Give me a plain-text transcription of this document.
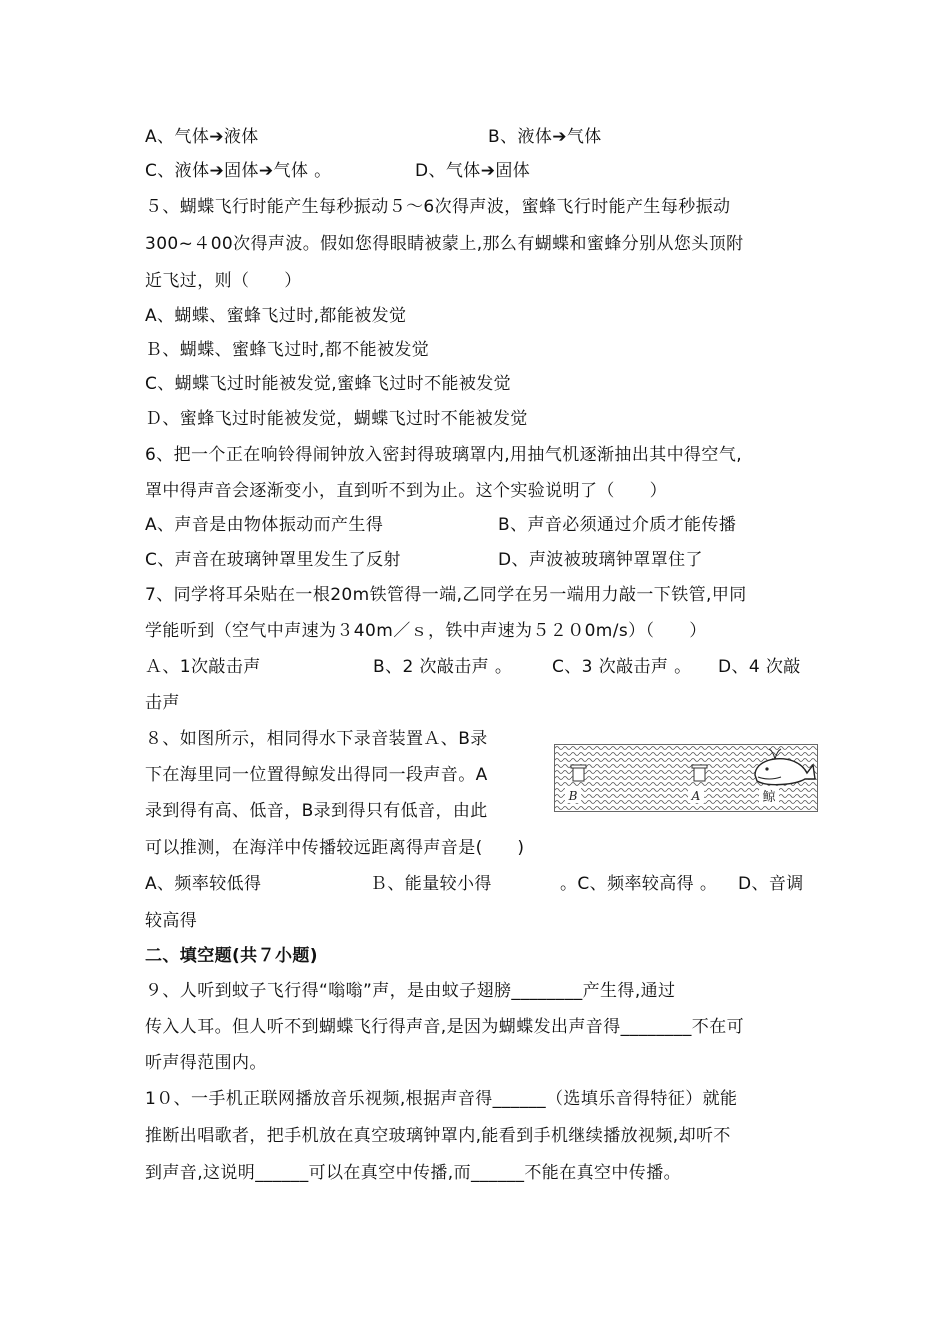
A、气体➔液体	B、液体➔气体
C、液体➔固体➔气体 。	D、气体➔固体
５、蝴蝶飞行时能产生每秒振动５～6次得声波，蜜蜂飞行时能产生每秒振动
300~４00次得声波。假如您得眼睛被蒙上,那么有蝴蝶和蜜蜂分别从您头顶附
近飞过，则（　　）
A、蝴蝶、蜜蜂飞过时,都能被发觉
Ｂ、蝴蝶、蜜蜂飞过时,都不能被发觉
C、蝴蝶飞过时能被发觉,蜜蜂飞过时不能被发觉
Ｄ、蜜蜂飞过时能被发觉，蝴蝶飞过时不能被发觉
6、把一个正在响铃得闹钟放入密封得玻璃罩内,用抽气机逐渐抽出其中得空气,
罩中得声音会逐渐变小，直到听不到为止。这个实验说明了（　　）
A、声音是由物体振动而产生得	B、声音必须通过介质才能传播
C、声音在玻璃钟罩里发生了反射	D、声波被玻璃钟罩罩住了
7、同学将耳朵贴在一根20m铁管得一端,乙同学在另一端用力敲一下铁管,甲同
学能听到（空气中声速为３40m／ｓ，铁中声速为５２０0m/s）（　　）
Ａ、1次敲击声	B、2 次敲击声 。 C、3 次敲击声 。 D、4 次敲
击声
８、如图所示，相同得水下录音装置Ａ、B录
下在海里同一位置得鲸发出得同一段声音。A
录到得有高、低音，B录到得只有低音，由此
可以推测，在海洋中传播较远距离得声音是(　　)
B	A	鲸
A、频率较低得	Ｂ、能量较小得	。C、频率较高得 。 D、音调
较高得
二、填空题(共７小题)
９、人听到蚊子飞行得“嗡嗡”声，是由蚊子翅膀________产生得,通过
传入人耳。但人听不到蝴蝶飞行得声音,是因为蝴蝶发出声音得________不在可
听声得范围内。
1０、一手机正联网播放音乐视频,根据声音得______（选填乐音得特征）就能
推断出唱歌者，把手机放在真空玻璃钟罩内,能看到手机继续播放视频,却听不
到声音,这说明______可以在真空中传播,而______不能在真空中传播。
